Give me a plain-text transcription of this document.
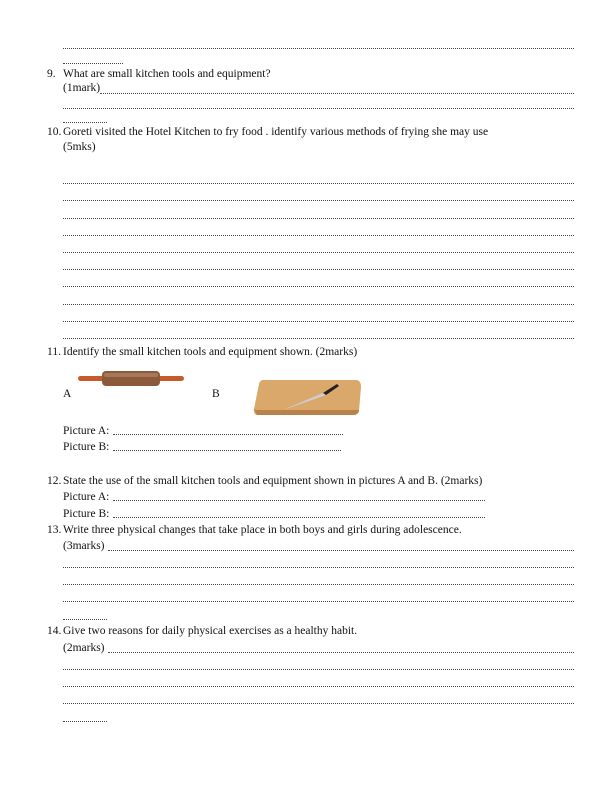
9. What are small kitchen tools and equipment?
(1mark)
10. Goreti visited the Hotel Kitchen to fry food . identify various methods of frying she may use
(5mks)
11. Identify the small kitchen tools and equipment shown. (2marks)
A	B
Picture A:
Picture B:
12. State the use of the small kitchen tools and equipment shown in pictures A and B. (2marks)
Picture A:
Picture B:
13. Write three physical changes that take place in both boys and girls during adolescence.
(3marks)
14. Give two reasons for daily physical exercises as a healthy habit.
(2marks)
